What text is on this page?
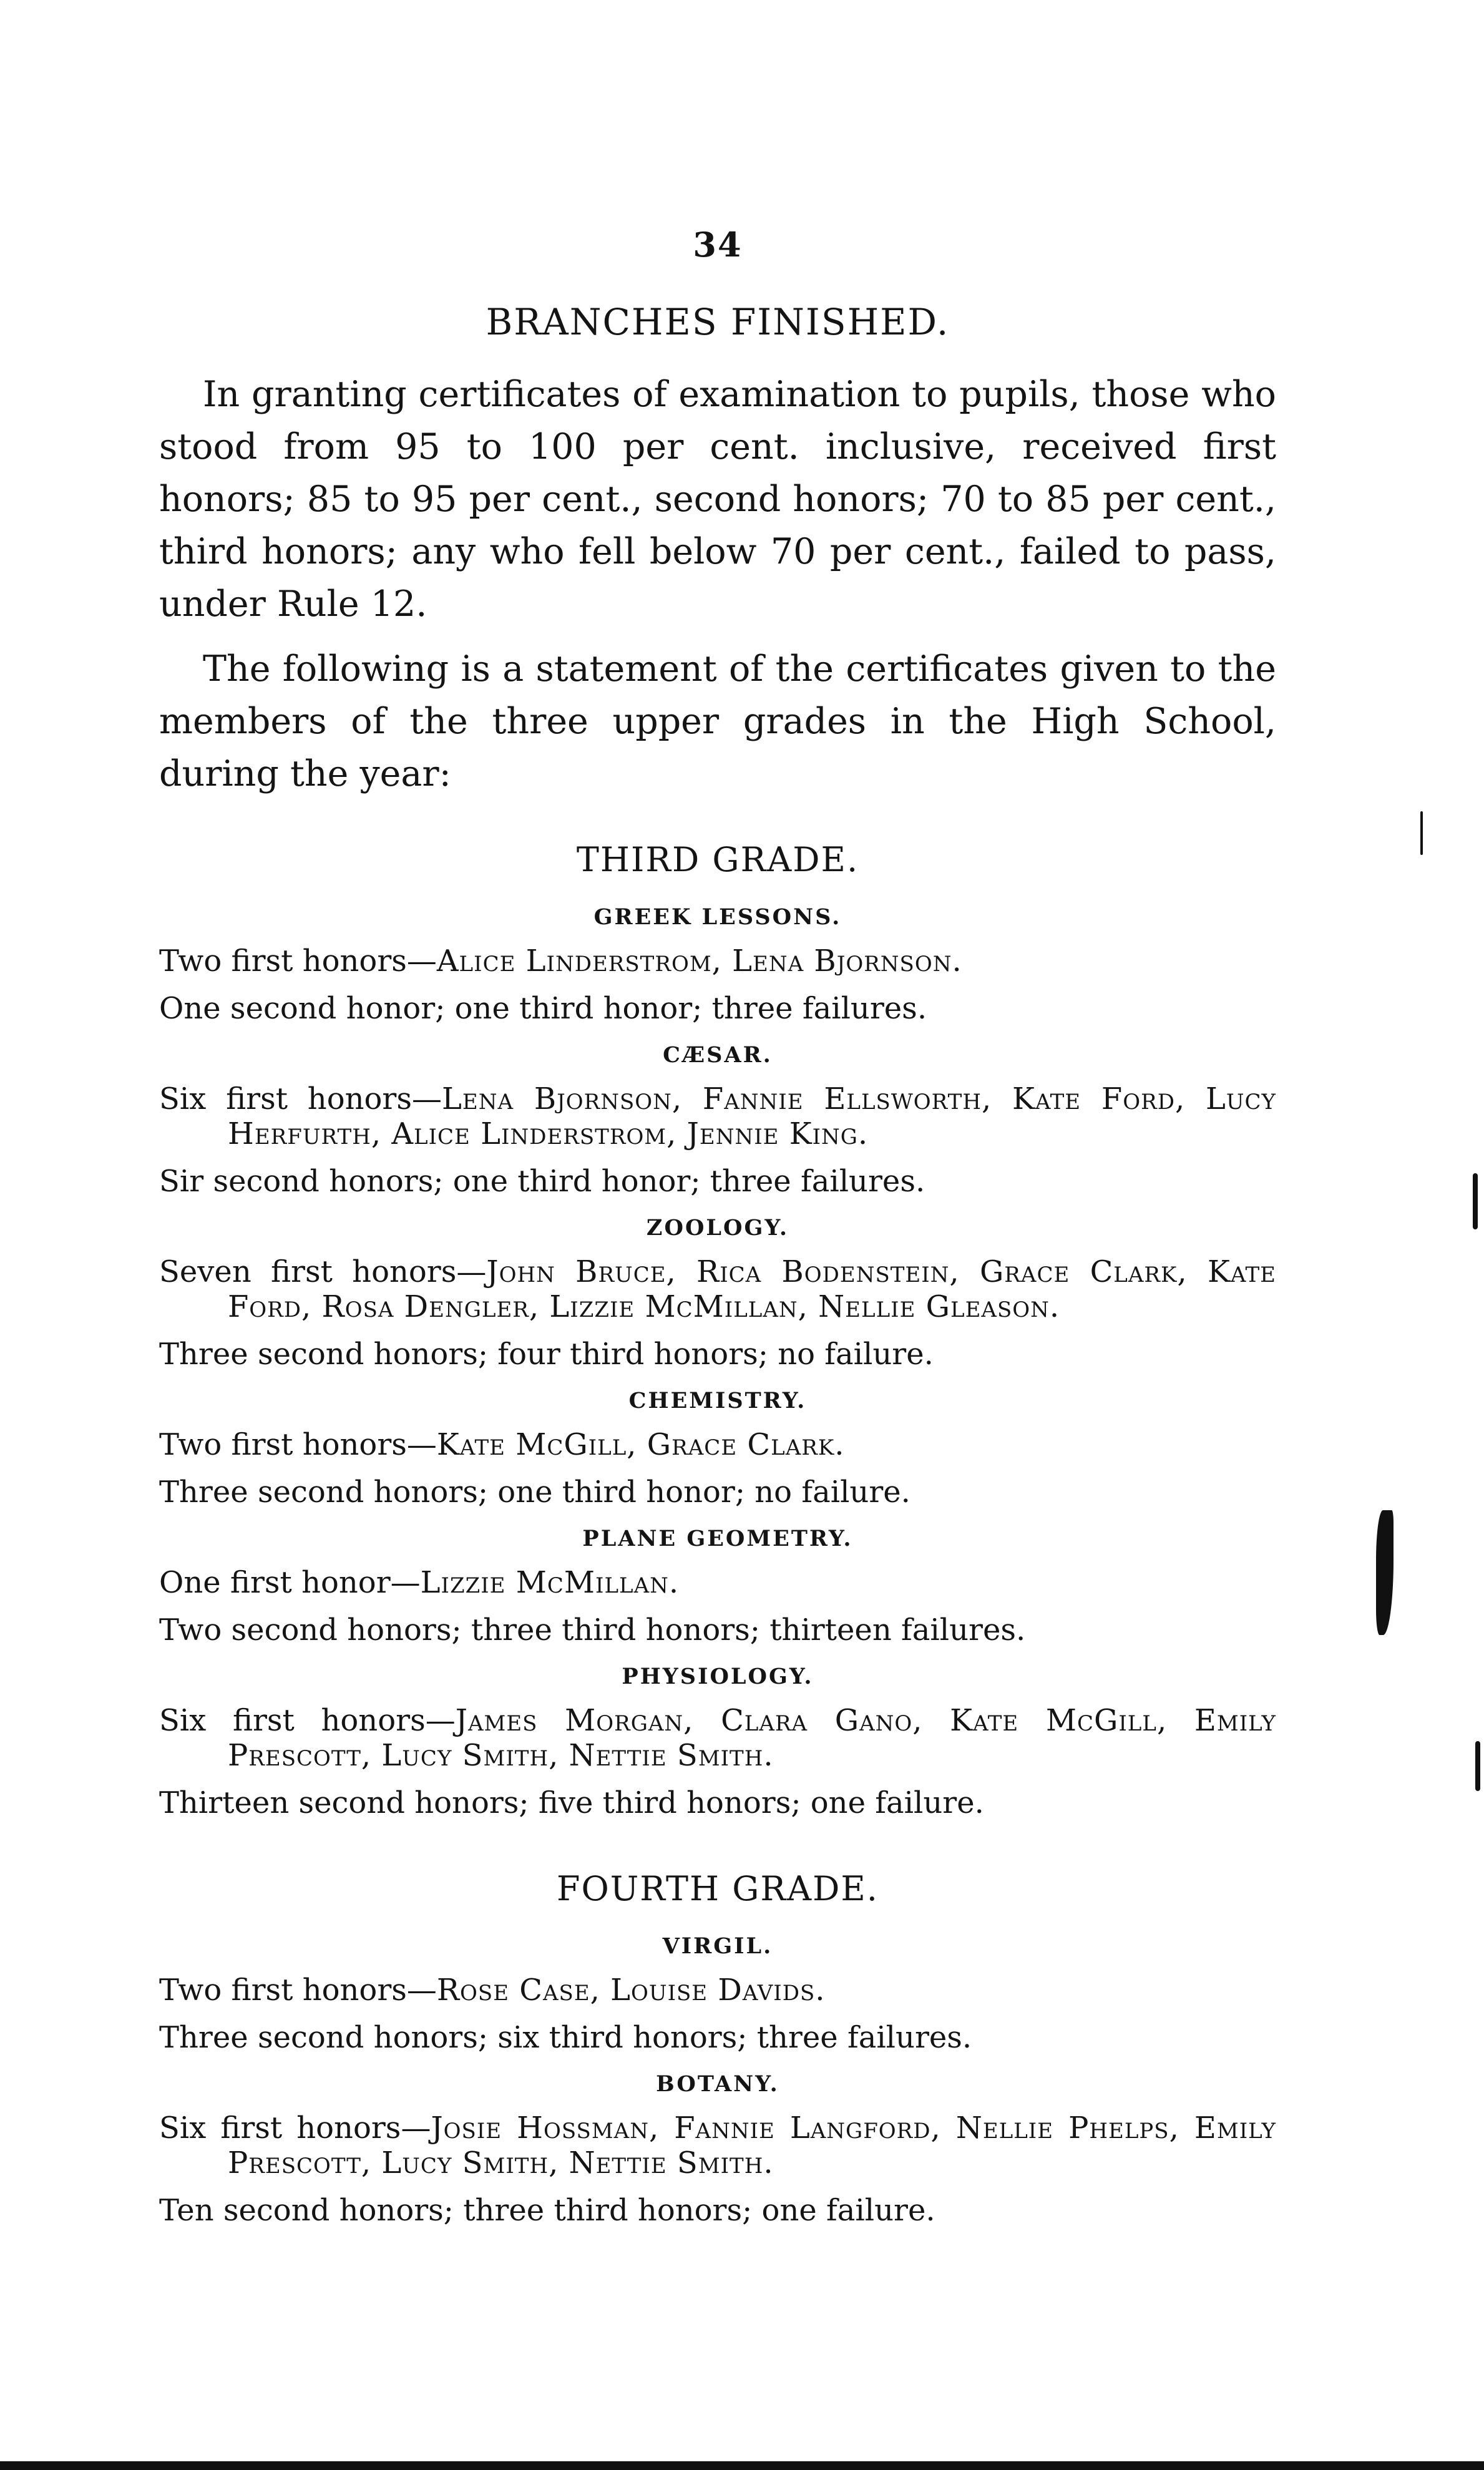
34
BRANCHES FINISHED.

In granting certificates of examination to pupils, those who stood from 95 to 100 per cent. inclusive, received first honors; 85 to 95 per cent., second honors; 70 to 85 per cent., third honors; any who fell below 70 per cent., failed to pass, under Rule 12.

The following is a statement of the certificates given to the members of the three upper grades in the High School, during the year:

THIRD GRADE.
GREEK LESSONS.

Two first honors—Alice Linderstrom, Lena Bjornson.

One second honor; one third honor; three failures.

CÆSAR.

Six first honors—Lena Bjornson, Fannie Ellsworth, Kate Ford, Lucy Herfurth, Alice Linderstrom, Jennie King.

Sir second honors; one third honor; three failures.

ZOOLOGY.

Seven first honors—John Bruce, Rica Bodenstein, Grace Clark, Kate Ford, Rosa Dengler, Lizzie McMillan, Nellie Gleason.

Three second honors; four third honors; no failure.

CHEMISTRY.

Two first honors—Kate McGill, Grace Clark.

Three second honors; one third honor; no failure.

PLANE GEOMETRY.

One first honor—Lizzie McMillan.

Two second honors; three third honors; thirteen failures.

PHYSIOLOGY.

Six first honors—James Morgan, Clara Gano, Kate McGill, Emily Prescott, Lucy Smith, Nettie Smith.

Thirteen second honors; five third honors; one failure.

FOURTH GRADE.
VIRGIL.

Two first honors—Rose Case, Louise Davids.

Three second honors; six third honors; three failures.

BOTANY.

Six first honors—Josie Hossman, Fannie Langford, Nellie Phelps, Emily Prescott, Lucy Smith, Nettie Smith.

Ten second honors; three third honors; one failure.
